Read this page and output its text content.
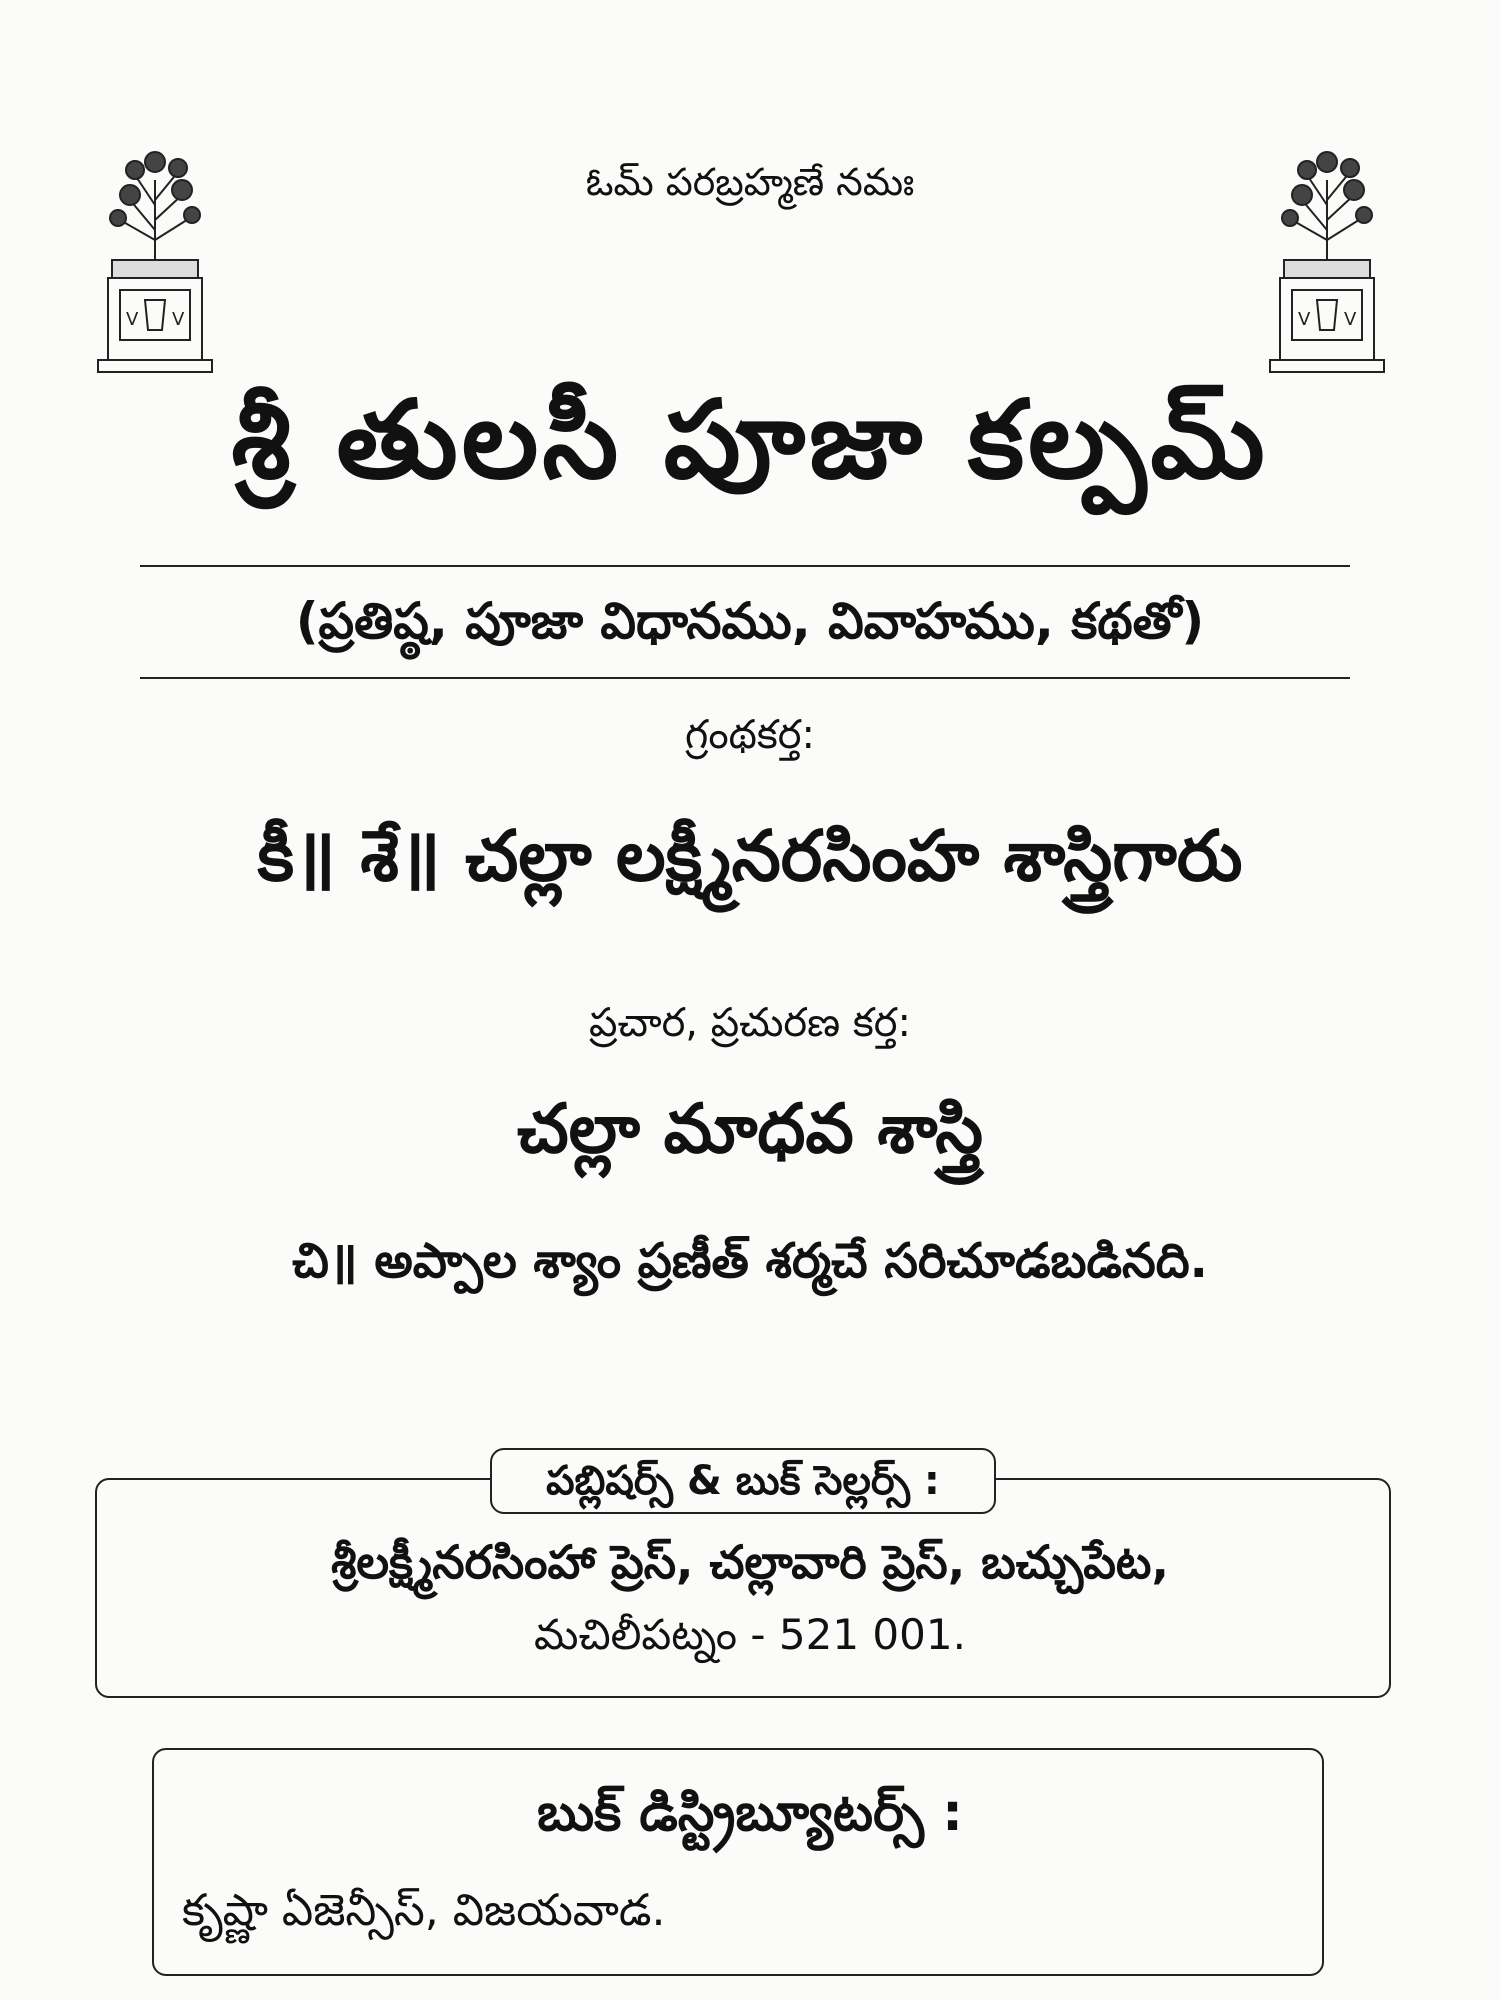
V V	V V
ఓమ్ పరబ్రహ్మణే నమః
శ్రీ తులసీ పూజా కల్పమ్
(ప్రతిష్ఠ, పూజా విధానము, వివాహము, కథతో)
గ్రంథకర్త:
కీ॥ శే॥ చల్లా లక్ష్మీనరసింహ శాస్త్రిగారు
ప్రచార, ప్రచురణ కర్త:
చల్లా మాధవ శాస్త్రి
చి॥ అప్పాల శ్యాం ప్రణీత్ శర్మచే సరిచూడబడినది.
పబ్లిషర్స్ & బుక్ సెల్లర్స్ :
శ్రీలక్ష్మీనరసింహా ప్రెస్, చల్లావారి ప్రెస్, బచ్చుపేట,
మచిలీపట్నం - 521 001.
బుక్ డిస్ట్రిబ్యూటర్స్ :
కృష్ణా ఏజెన్సీస్, విజయవాడ.
